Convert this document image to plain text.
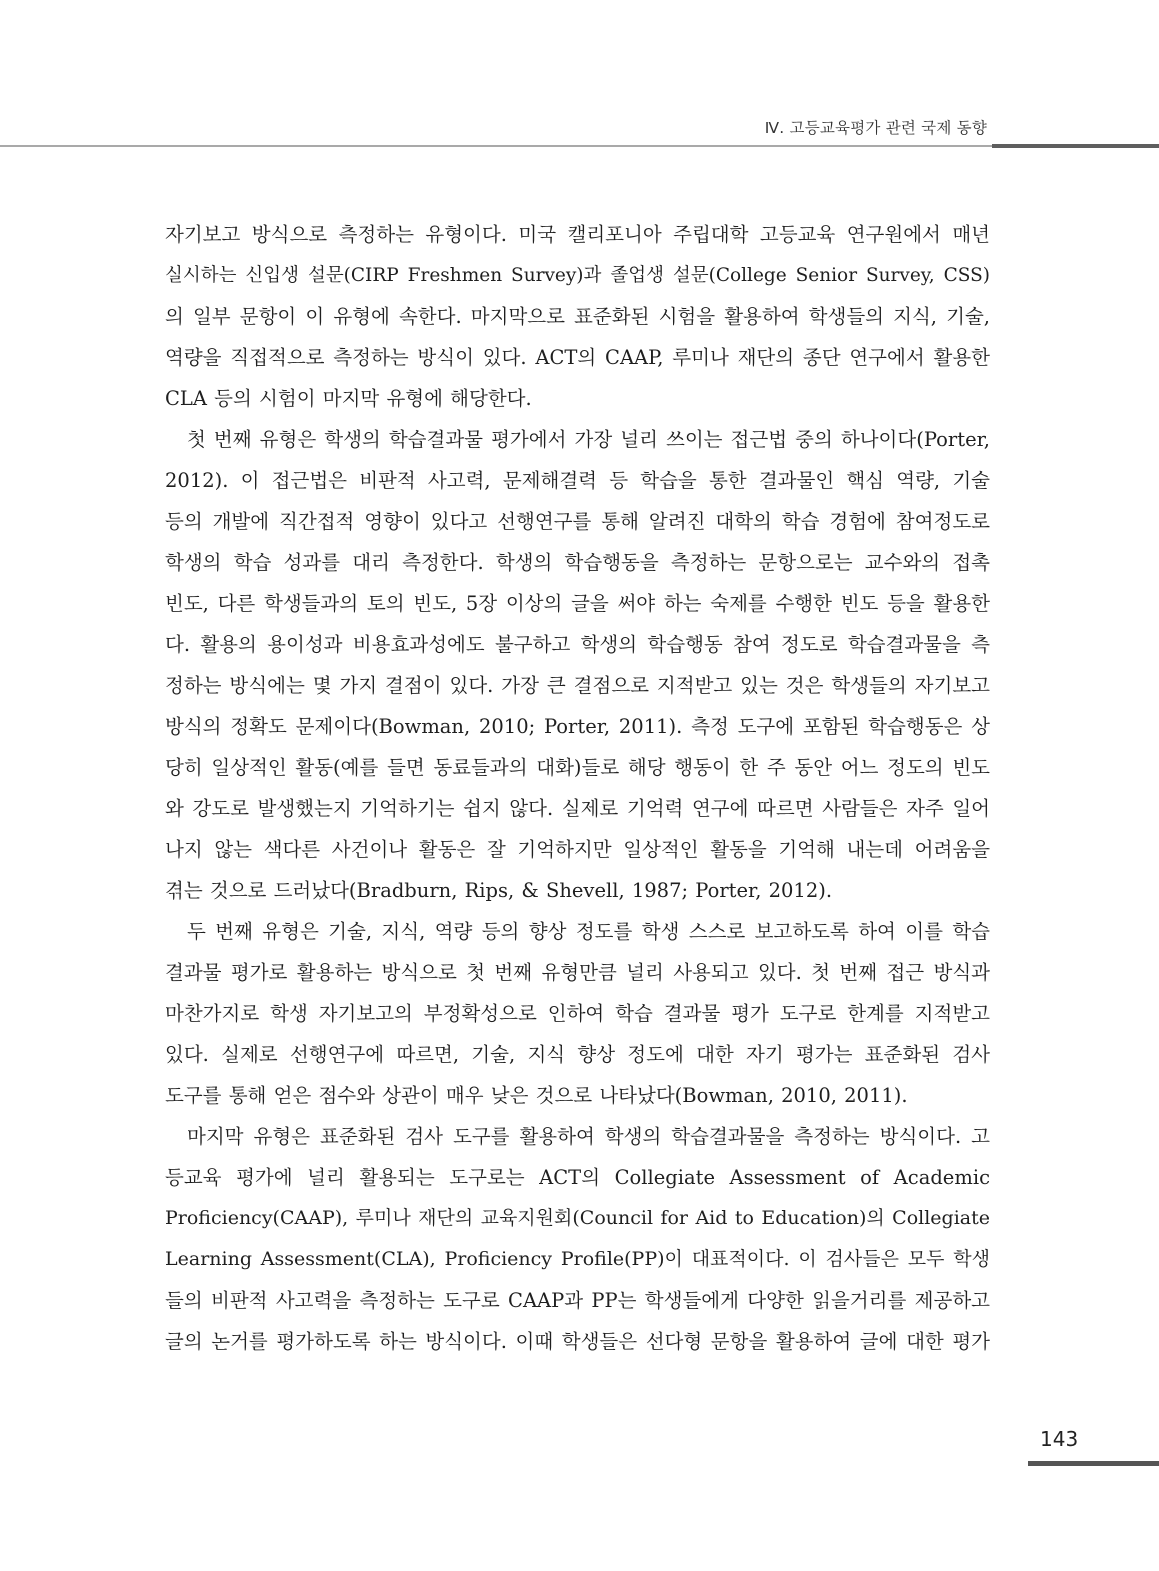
Ⅳ. 고등교육평가 관련 국제 동향
자기보고 방식으로 측정하는 유형이다. 미국 캘리포니아 주립대학 고등교육 연구원에서 매년
실시하는 신입생 설문(CIRP Freshmen Survey)과 졸업생 설문(College Senior Survey, CSS)
의 일부 문항이 이 유형에 속한다. 마지막으로 표준화된 시험을 활용하여 학생들의 지식, 기술,
역량을 직접적으로 측정하는 방식이 있다. ACT의 CAAP, 루미나 재단의 종단 연구에서 활용한
CLA 등의 시험이 마지막 유형에 해당한다.
첫 번째 유형은 학생의 학습결과물 평가에서 가장 널리 쓰이는 접근법 중의 하나이다(Porter,
2012). 이 접근법은 비판적 사고력, 문제해결력 등 학습을 통한 결과물인 핵심 역량, 기술
등의 개발에 직간접적 영향이 있다고 선행연구를 통해 알려진 대학의 학습 경험에 참여정도로
학생의 학습 성과를 대리 측정한다. 학생의 학습행동을 측정하는 문항으로는 교수와의 접촉
빈도, 다른 학생들과의 토의 빈도, 5장 이상의 글을 써야 하는 숙제를 수행한 빈도 등을 활용한
다. 활용의 용이성과 비용효과성에도 불구하고 학생의 학습행동 참여 정도로 학습결과물을 측
정하는 방식에는 몇 가지 결점이 있다. 가장 큰 결점으로 지적받고 있는 것은 학생들의 자기보고
방식의 정확도 문제이다(Bowman, 2010; Porter, 2011). 측정 도구에 포함된 학습행동은 상
당히 일상적인 활동(예를 들면 동료들과의 대화)들로 해당 행동이 한 주 동안 어느 정도의 빈도
와 강도로 발생했는지 기억하기는 쉽지 않다. 실제로 기억력 연구에 따르면 사람들은 자주 일어
나지 않는 색다른 사건이나 활동은 잘 기억하지만 일상적인 활동을 기억해 내는데 어려움을
겪는 것으로 드러났다(Bradburn, Rips, & Shevell, 1987; Porter, 2012).
두 번째 유형은 기술, 지식, 역량 등의 향상 정도를 학생 스스로 보고하도록 하여 이를 학습
결과물 평가로 활용하는 방식으로 첫 번째 유형만큼 널리 사용되고 있다. 첫 번째 접근 방식과
마찬가지로 학생 자기보고의 부정확성으로 인하여 학습 결과물 평가 도구로 한계를 지적받고
있다. 실제로 선행연구에 따르면, 기술, 지식 향상 정도에 대한 자기 평가는 표준화된 검사
도구를 통해 얻은 점수와 상관이 매우 낮은 것으로 나타났다(Bowman, 2010, 2011).
마지막 유형은 표준화된 검사 도구를 활용하여 학생의 학습결과물을 측정하는 방식이다. 고
등교육 평가에 널리 활용되는 도구로는 ACT의 Collegiate Assessment of Academic
Proficiency(CAAP), 루미나 재단의 교육지원회(Council for Aid to Education)의 Collegiate
Learning Assessment(CLA), Proficiency Profile(PP)이 대표적이다. 이 검사들은 모두 학생
들의 비판적 사고력을 측정하는 도구로 CAAP과 PP는 학생들에게 다양한 읽을거리를 제공하고
글의 논거를 평가하도록 하는 방식이다. 이때 학생들은 선다형 문항을 활용하여 글에 대한 평가
143
